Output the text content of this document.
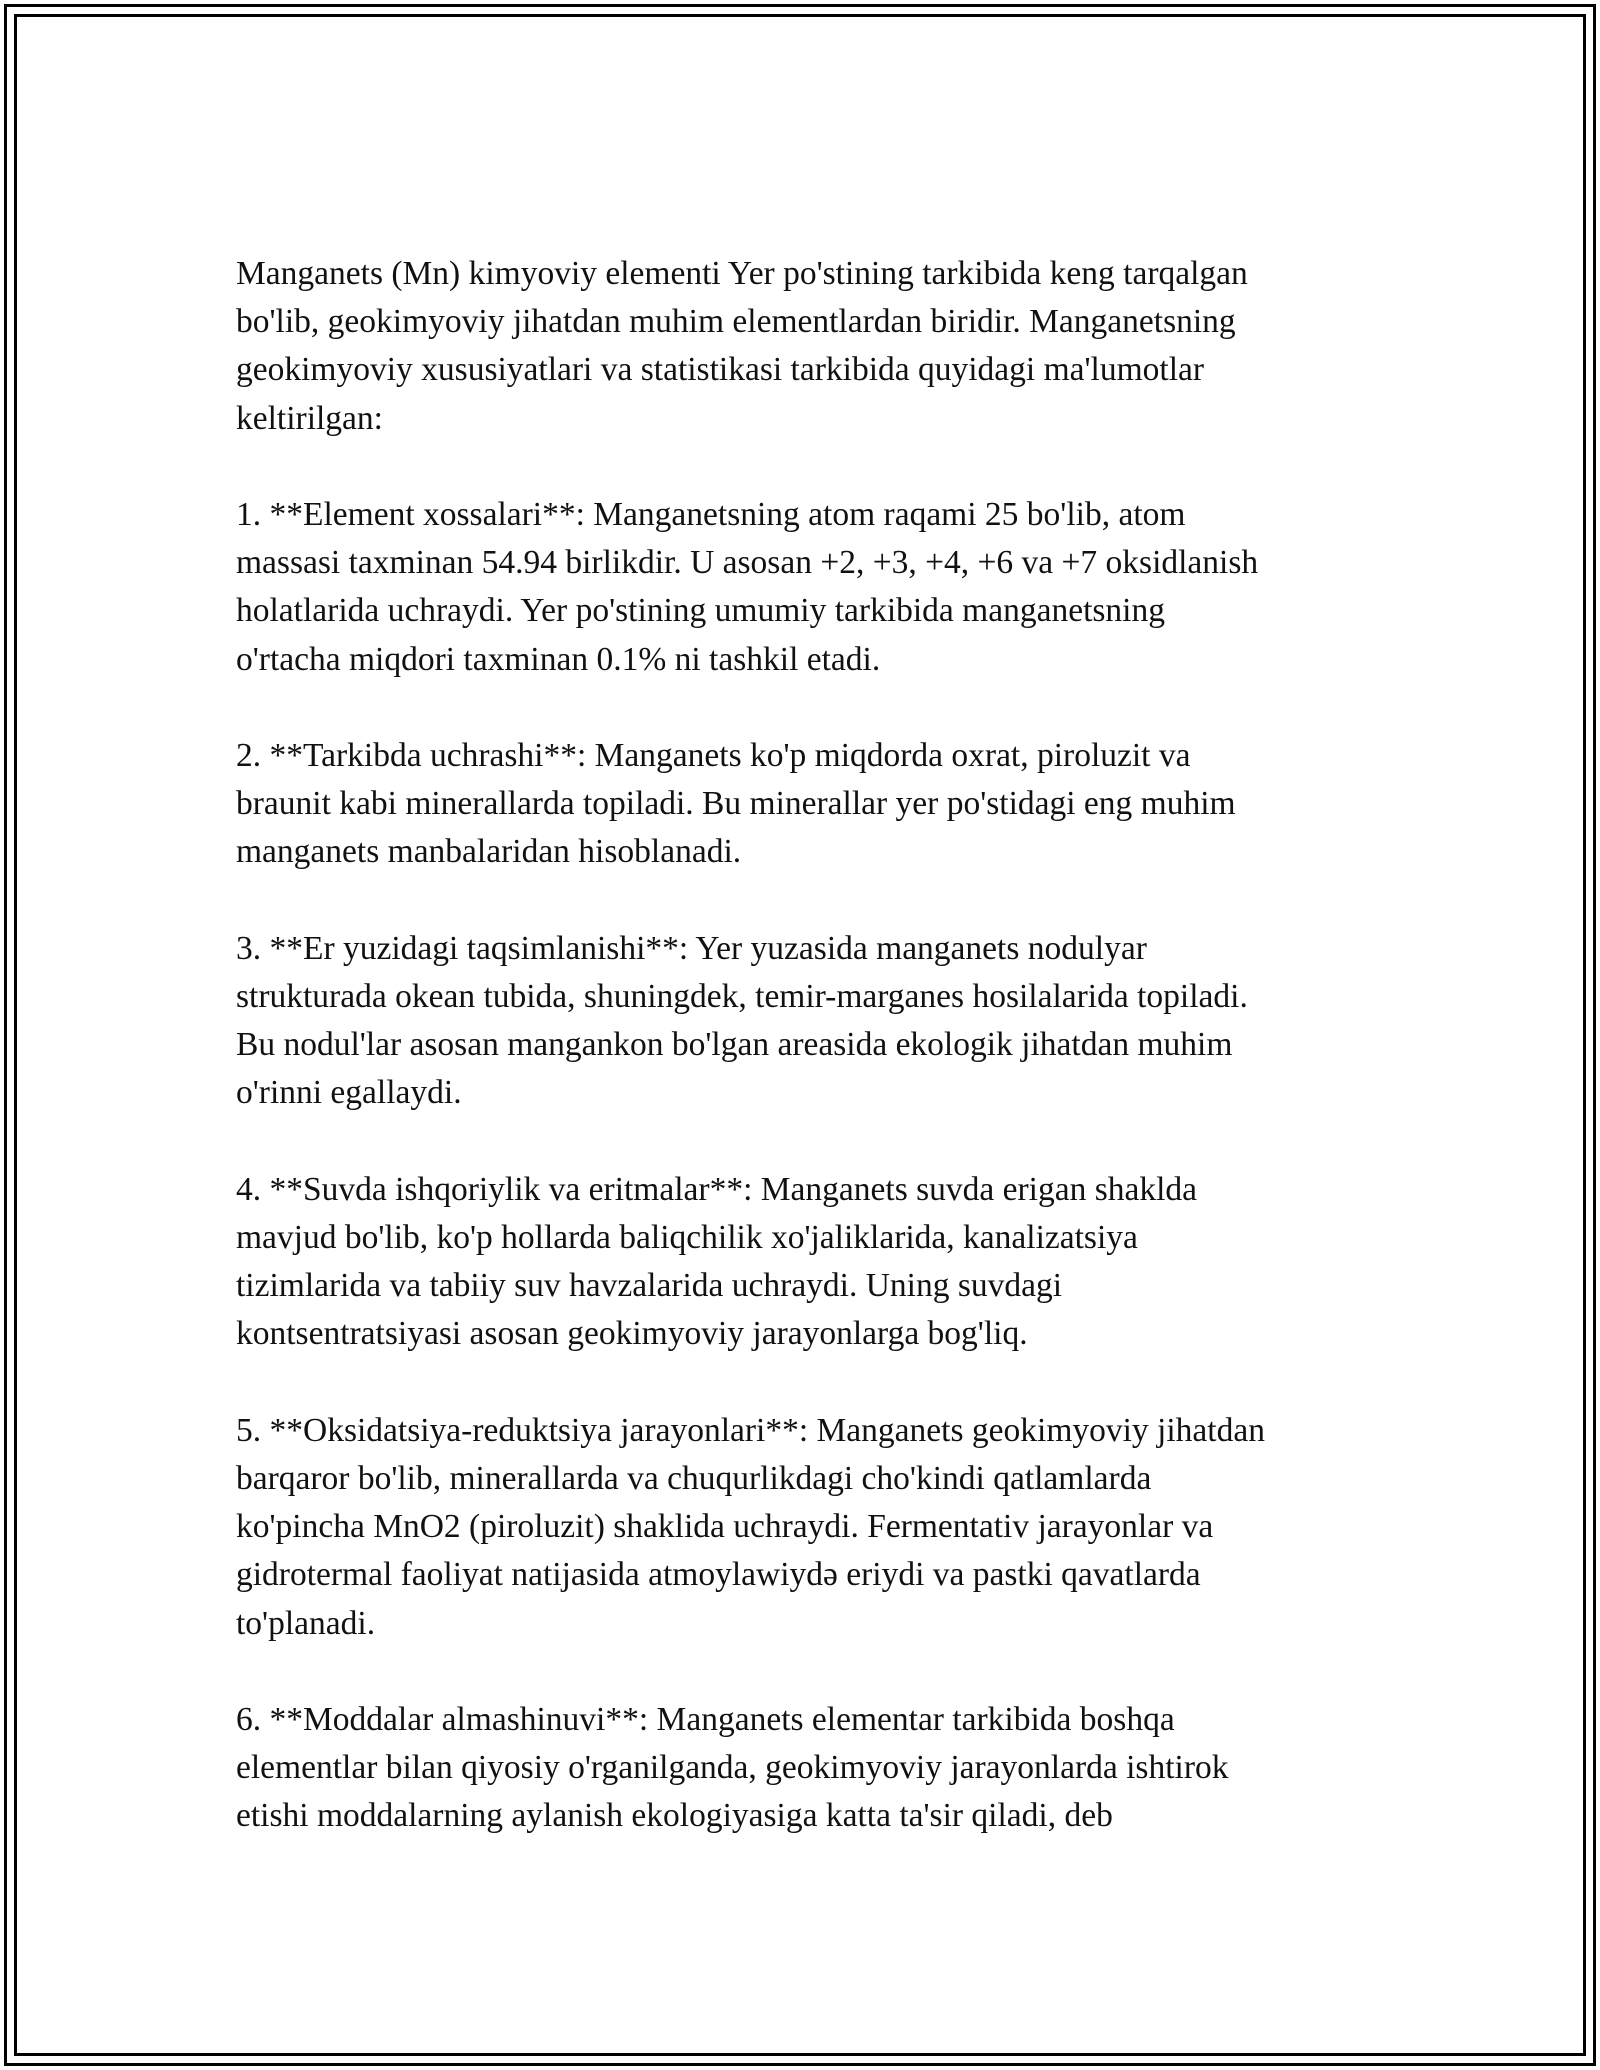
Manganets (Mn) kimyoviy elementi Yer po'stining tarkibida keng tarqalgan
bo'lib, geokimyoviy jihatdan muhim elementlardan biridir. Manganetsning
geokimyoviy xususiyatlari va statistikasi tarkibida quyidagi ma'lumotlar
keltirilgan:

1. **Element xossalari**: Manganetsning atom raqami 25 bo'lib, atom
massasi taxminan 54.94 birlikdir. U asosan +2, +3, +4, +6 va +7 oksidlanish
holatlarida uchraydi. Yer po'stining umumiy tarkibida manganetsning
o'rtacha miqdori taxminan 0.1% ni tashkil etadi.

2. **Tarkibda uchrashi**: Manganets ko'p miqdorda oxrat, piroluzit va
braunit kabi minerallarda topiladi. Bu minerallar yer po'stidagi eng muhim
manganets manbalaridan hisoblanadi.

3. **Er yuzidagi taqsimlanishi**: Yer yuzasida manganets nodulyar
strukturada okean tubida, shuningdek, temir-marganes hosilalarida topiladi.
Bu nodul'lar asosan mangankon bo'lgan areasida ekologik jihatdan muhim
o'rinni egallaydi.

4. **Suvda ishqoriylik va eritmalar**: Manganets suvda erigan shaklda
mavjud bo'lib, ko'p hollarda baliqchilik xo'jaliklarida, kanalizatsiya
tizimlarida va tabiiy suv havzalarida uchraydi. Uning suvdagi
kontsentratsiyasi asosan geokimyoviy jarayonlarga bog'liq.

5. **Oksidatsiya-reduktsiya jarayonlari**: Manganets geokimyoviy jihatdan
barqaror bo'lib, minerallarda va chuqurlikdagi cho'kindi qatlamlarda
ko'pincha MnO2 (piroluzit) shaklida uchraydi. Fermentativ jarayonlar va
gidrotermal faoliyat natijasida atmoylawiydə eriydi va pastki qavatlarda
to'planadi.

6. **Moddalar almashinuvi**: Manganets elementar tarkibida boshqa
elementlar bilan qiyosiy o'rganilganda, geokimyoviy jarayonlarda ishtirok
etishi moddalarning aylanish ekologiyasiga katta ta'sir qiladi, deb
